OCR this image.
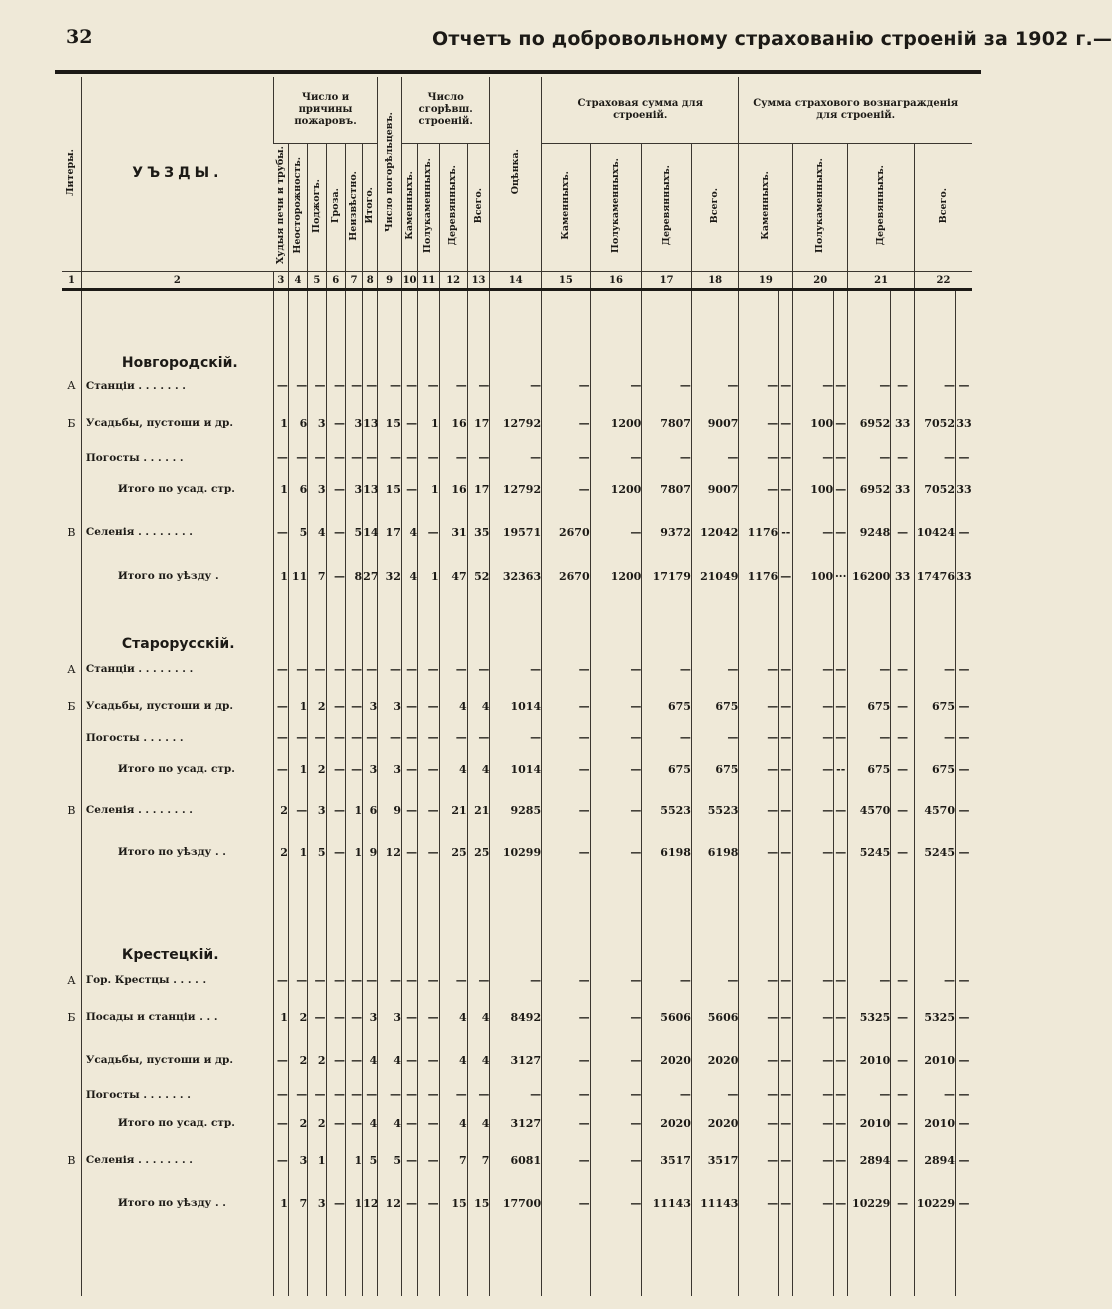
32	Отчетъ по добровольному страхованію строеній за 1902 г.—
Литеры.	УЪЗДЫ.	Число и причины пожаровъ.						Число погорѣльцевъ.	Число сгорѣвш. строеній.				Оцѣнка.	Страховая сумма для строеній.				Сумма страхового вознагражденія для строеній.							
		Худыя печи и трубы.	Неосторожность.	Поджогъ.	Гроза.	Неизвѣстно.	Итого.		Каменныхъ.	Полукаменныхъ.	Деревянныхъ.	Всего.		Каменныхъ.	Полукаменныхъ.	Деревянныхъ.	Всего.	Каменныхъ.		Полукаменныхъ.		Деревянныхъ.		Всего.	
1	2	3	4	5	6	7	8	9	10	11	12	13	14	15	16	17	18	19		20		21		22	
	Новгородскій.																								
А	Станціи . . . . . . .	—	—	—	—	—	—	—	—	—	—	—	—	—	—	—	—	—	—	—	—	—	—	—	—
Б	Усадьбы, пустоши и др.	1	6	3	—	3	13	15	—	1	16	17	12792	—	1200	7807	9007	—	—	100	—	6952	33	7052	33
	Погосты . . . . . .	—	—	—	—	—	—	—	—	—	—	—	—	—	—	—	—	—	—	—	—	—	—	—	—
	Итого по усад. стр.	1	6	3	—	3	13	15	—	1	16	17	12792	—	1200	7807	9007	—	—	100	—	6952	33	7052	33
В	Селенія . . . . . . . .	—	5	4	—	5	14	17	4	—	31	35	19571	2670	—	9372	12042	1176	--	—	—	9248	—	10424	—
	Итого по уѣзду .	1	11	7	—	8	27	32	4	1	47	52	32363	2670	1200	17179	21049	1176	—	100	···	16200	33	17476	33
	Старорусскій.																								
А	Станціи . . . . . . . .	—	—	—	—	—	—	—	—	—	—	—	—	—	—	—	—	—	—	—	—	—	—	—	—
Б	Усадьбы, пустоши и др.	—	1	2	—	—	3	3	—	—	4	4	1014	—	—	675	675	—	—	—	—	675	—	675	—
	Погосты . . . . . .	—	—	—	—	—	—	—	—	—	—	—	—	—	—	—	—	—	—	—	—	—	—	—	—
	Итого по усад. стр.	—	1	2	—	—	3	3	—	—	4	4	1014	—	—	675	675	—	—	—	--	675	—	675	—
В	Селенія . . . . . . . .	2	—	3	—	1	6	9	—	—	21	21	9285	—	—	5523	5523	—	—	—	—	4570	—	4570	—
	Итого по уѣзду . .	2	1	5	—	1	9	12	—	—	25	25	10299	—	—	6198	6198	—	—	—	—	5245	—	5245	—
	Крестецкій.																								
А	Гор. Крестцы . . . . .	—	—	—	—	—	—	—	—	—	—	—	—	—	—	—	—	—	—	—	—	—	—	—	—
Б	Посады и станціи . . .	1	2	—	—	—	3	3	—	—	4	4	8492	—	—	5606	5606	—	—	—	—	5325	—	5325	—
	Усадьбы, пустоши и др.	—	2	2	—	—	4	4	—	—	4	4	3127	—	—	2020	2020	—	—	—	—	2010	—	2010	—
	Погосты . . . . . . .	—	—	—	—	—	—	—	—	—	—	—	—	—	—	—	—	—	—	—	—	—	—	—	—
	Итого по усад. стр.	—	2	2	—	—	4	4	—	—	4	4	3127	—	—	2020	2020	—	—	—	—	2010	—	2010	—
В	Селенія . . . . . . . .	—	3	1		1	5	5	—	—	7	7	6081	—	—	3517	3517	—	—	—	—	2894	—	2894	—
	Итого по уѣзду . .	1	7	3	—	1	12	12	—	—	15	15	17700	—	—	11143	11143	—	—	—	—	10229	—	10229	—
